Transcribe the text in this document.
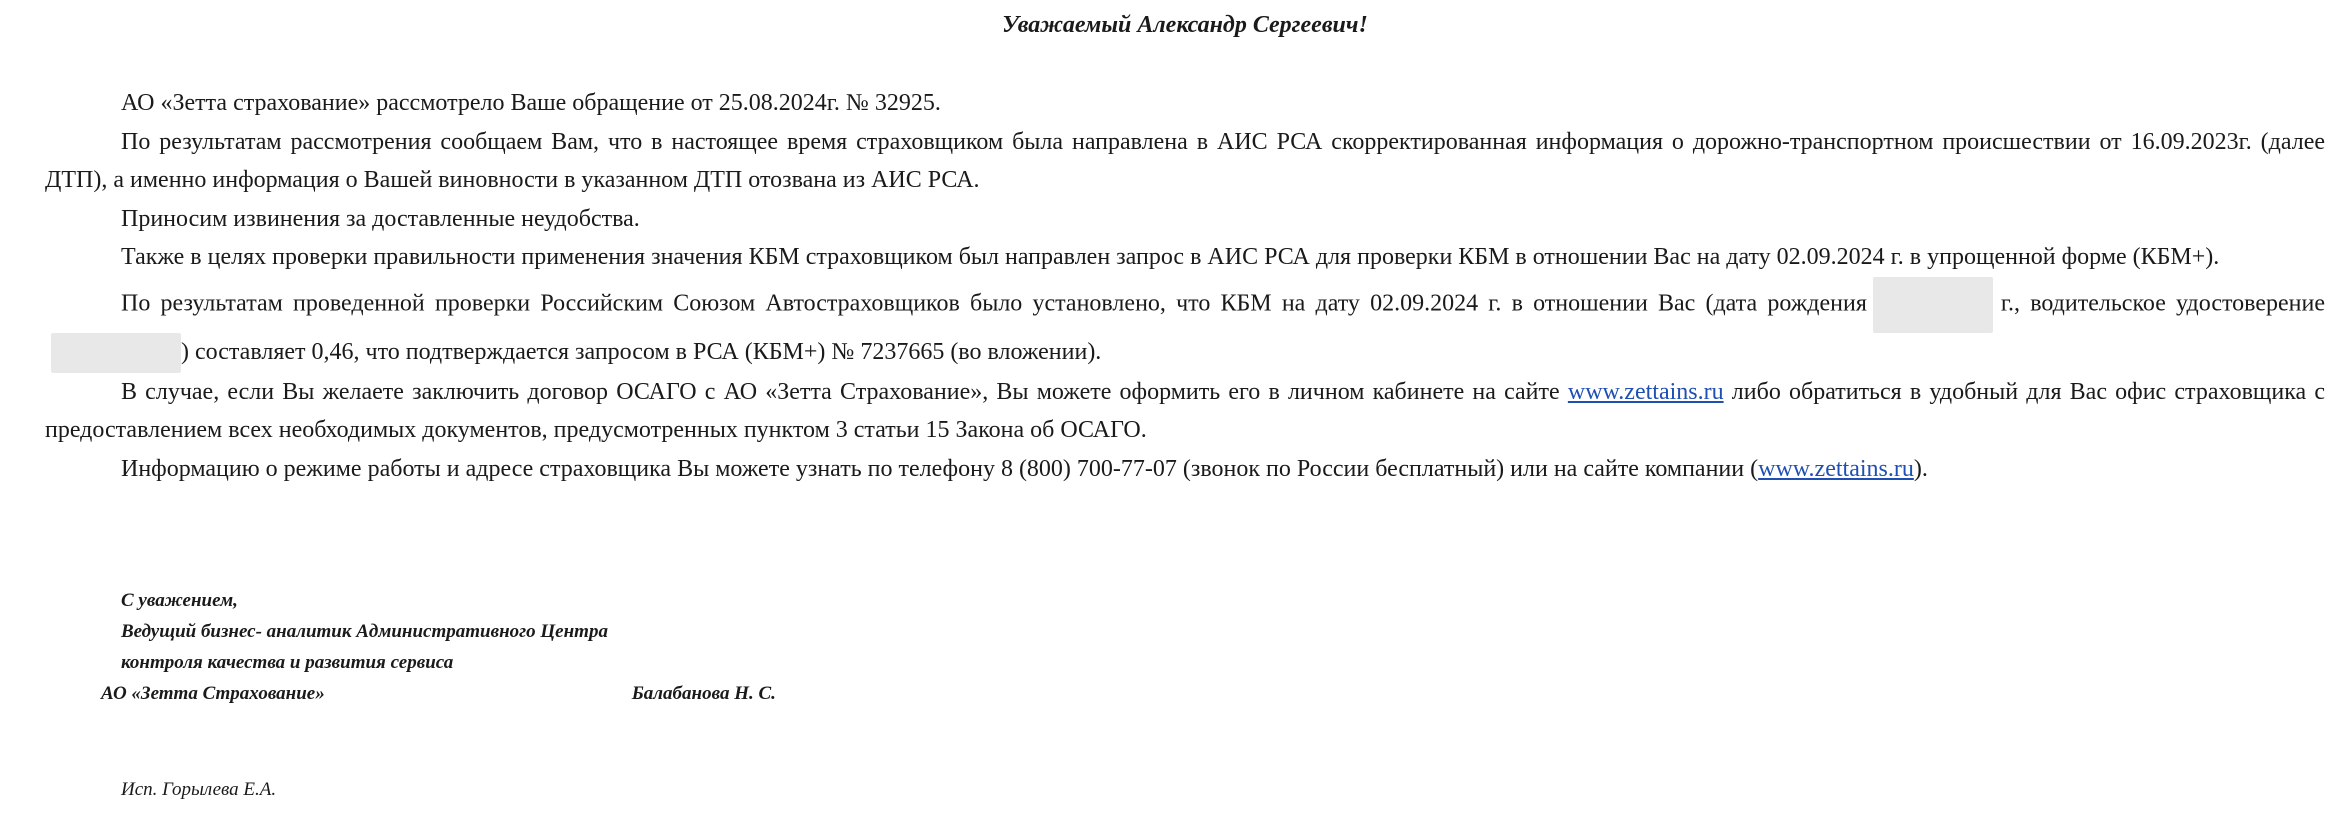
Уважаемый Александр Сергеевич!

АО «Зетта страхование» рассмотрело Ваше обращение от 25.08.2024г. № 32925.

По результатам рассмотрения сообщаем Вам, что в настоящее время страховщиком была направлена в АИС РСА скорректированная информация о дорожно-транспортном происшествии от 16.09.2023г. (далее ДТП), а именно информация о Вашей виновности в указанном ДТП отозвана из АИС РСА.

Приносим извинения за доставленные неудобства.

Также в целях проверки правильности применения значения КБМ страховщиком был направлен запрос в АИС РСА для проверки КБМ в отношении Вас на дату 02.09.2024 г. в упрощенной форме (КБМ+).

По результатам проведенной проверки Российским Союзом Автостраховщиков было установлено, что КБМ на дату 02.09.2024 г. в отношении Вас (дата рождения	г., водительское удостоверение) составляет 0,46, что подтверждается запросом в РСА (КБМ+) № 7237665 (во вложении).

В случае, если Вы желаете заключить договор ОСАГО с АО «Зетта Страхование», Вы можете оформить его в личном кабинете на сайте www.zettains.ru либо обратиться в удобный для Вас офис страховщика с предоставлением всех необходимых документов, предусмотренных пунктом 3 статьи 15 Закона об ОСАГО.

Информацию о режиме работы и адресе страховщика Вы можете узнать по телефону 8 (800) 700-77-07 (звонок по России бесплатный) или на сайте компании (www.zettains.ru).

С уважением,
Ведущий бизнес- аналитик Административного Центра
контроля качества и развития сервиса
АО «Зетта Страхование»	Балабанова Н. С.
Исп. Горылева Е.А.
